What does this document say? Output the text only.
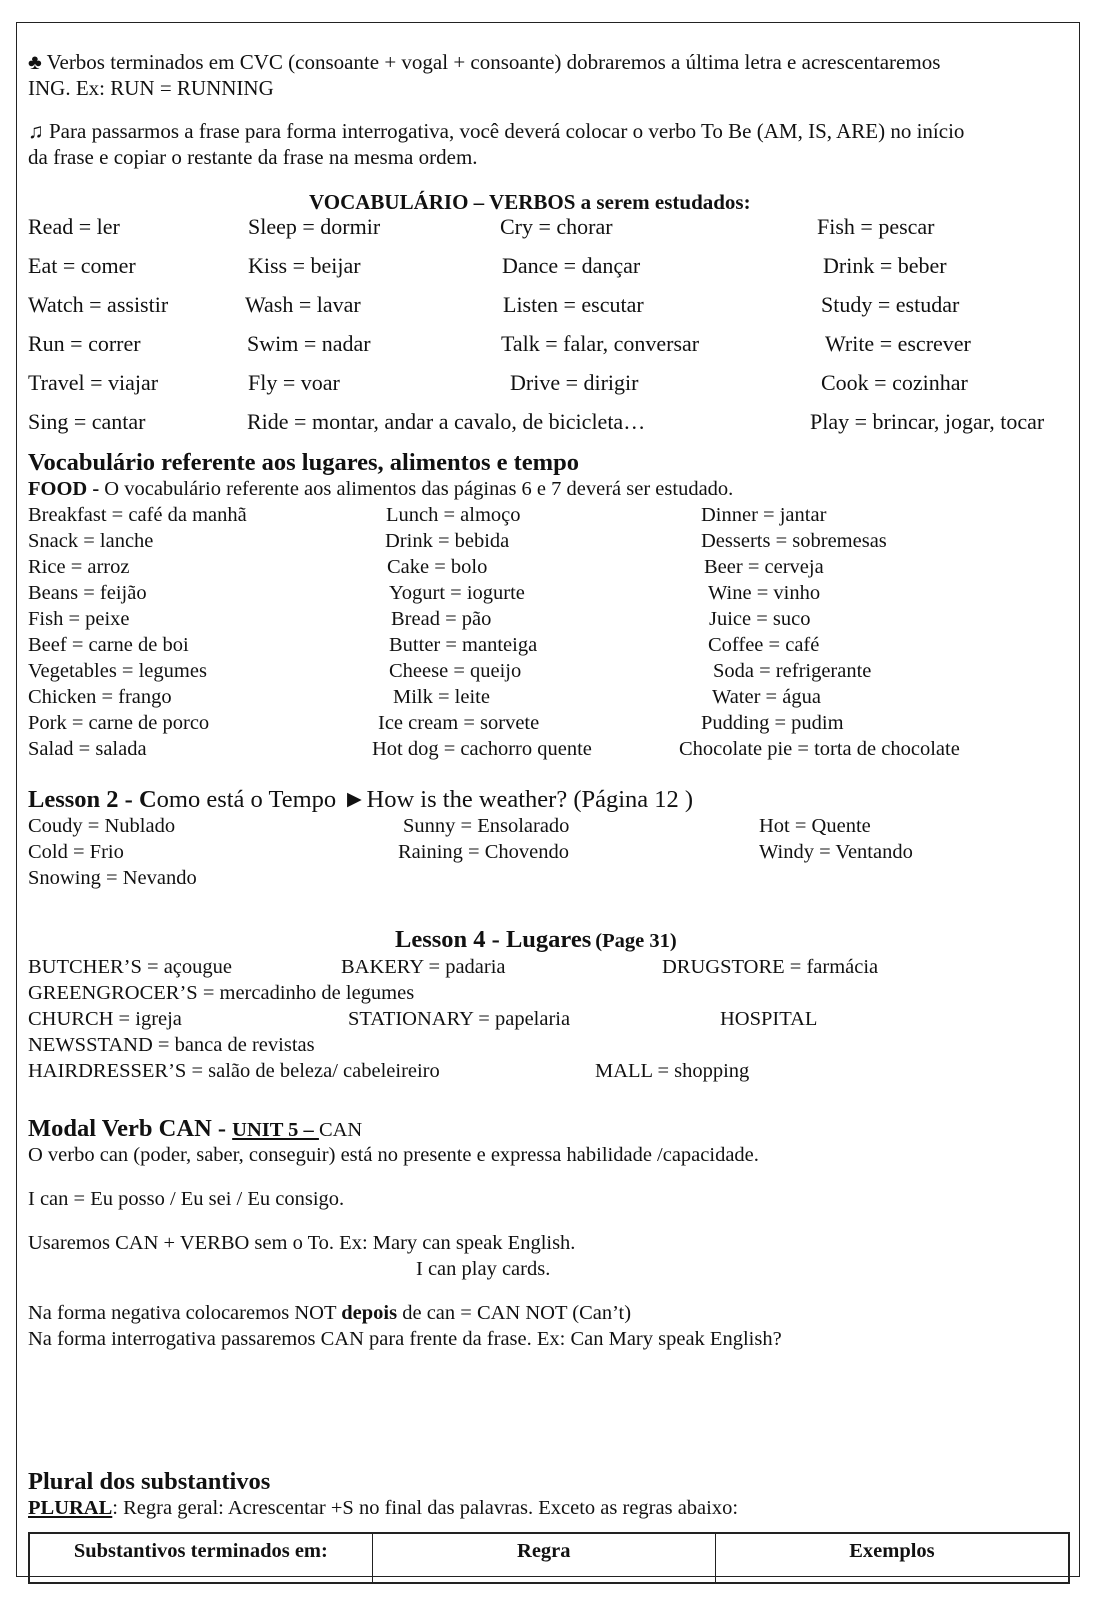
♣ Verbos terminados em CVC (consoante + vogal + consoante) dobraremos a última letra e acrescentaremos
ING. Ex: RUN = RUNNING
♫ Para passarmos a frase para forma interrogativa, você deverá colocar o verbo To Be (AM, IS, ARE) no início
da frase e copiar o restante da frase na mesma ordem.
VOCABULÁRIO – VERBOS a serem estudados:
Read = ler	Sleep = dormir	Cry = chorar	Fish = pescar
Eat = comer	Kiss = beijar	Dance = dançar	Drink = beber
Watch = assistir	Wash = lavar	Listen = escutar	Study = estudar
Run = correr	Swim = nadar	Talk = falar, conversar	Write = escrever
Travel = viajar	Fly = voar	Drive = dirigir	Cook = cozinhar
Sing = cantar	Ride = montar, andar a cavalo, de bicicleta…	Play = brincar, jogar, tocar
Vocabulário referente aos lugares, alimentos e tempo
FOOD - O vocabulário referente aos alimentos das páginas 6 e 7 deverá ser estudado.
Breakfast = café da manhã	Lunch = almoço	Dinner = jantar
Snack = lanche	Drink = bebida	Desserts = sobremesas
Rice = arroz	Cake = bolo	Beer = cerveja
Beans = feijão	Yogurt = iogurte	Wine = vinho
Fish = peixe	Bread = pão	Juice = suco
Beef = carne de boi	Butter = manteiga	Coffee = café
Vegetables = legumes	Cheese = queijo	Soda = refrigerante
Chicken = frango	Milk = leite	Water = água
Pork = carne de porco	Ice cream = sorvete	Pudding = pudim
Salad = salada	Hot dog = cachorro quente	Chocolate pie = torta de chocolate
Lesson 2 - Como está o Tempo ►How is the weather? (Página 12 )
Coudy = Nublado	Sunny = Ensolarado	Hot = Quente
Cold = Frio	Raining = Chovendo	Windy = Ventando
Snowing = Nevando
Lesson 4 - Lugares (Page 31)
BUTCHER’S = açougue	BAKERY = padaria	DRUGSTORE = farmácia
GREENGROCER’S = mercadinho de legumes
CHURCH = igreja	STATIONARY = papelaria	HOSPITAL
NEWSSTAND = banca de revistas
HAIRDRESSER’S = salão de beleza/ cabeleireiro	MALL = shopping
Modal Verb CAN - UNIT 5 – CAN
O verbo can (poder, saber, conseguir) está no presente e expressa habilidade /capacidade.
I can = Eu posso / Eu sei / Eu consigo.
Usaremos CAN + VERBO sem o To. Ex: Mary can speak English.
I can play cards.
Na forma negativa colocaremos NOT depois de can = CAN NOT (Can’t)
Na forma interrogativa passaremos CAN para frente da frase. Ex: Can Mary speak English?
Plural dos substantivos
PLURAL: Regra geral: Acrescentar +S no final das palavras. Exceto as regras abaixo:
Substantivos terminados em:	Regra	Exemplos
